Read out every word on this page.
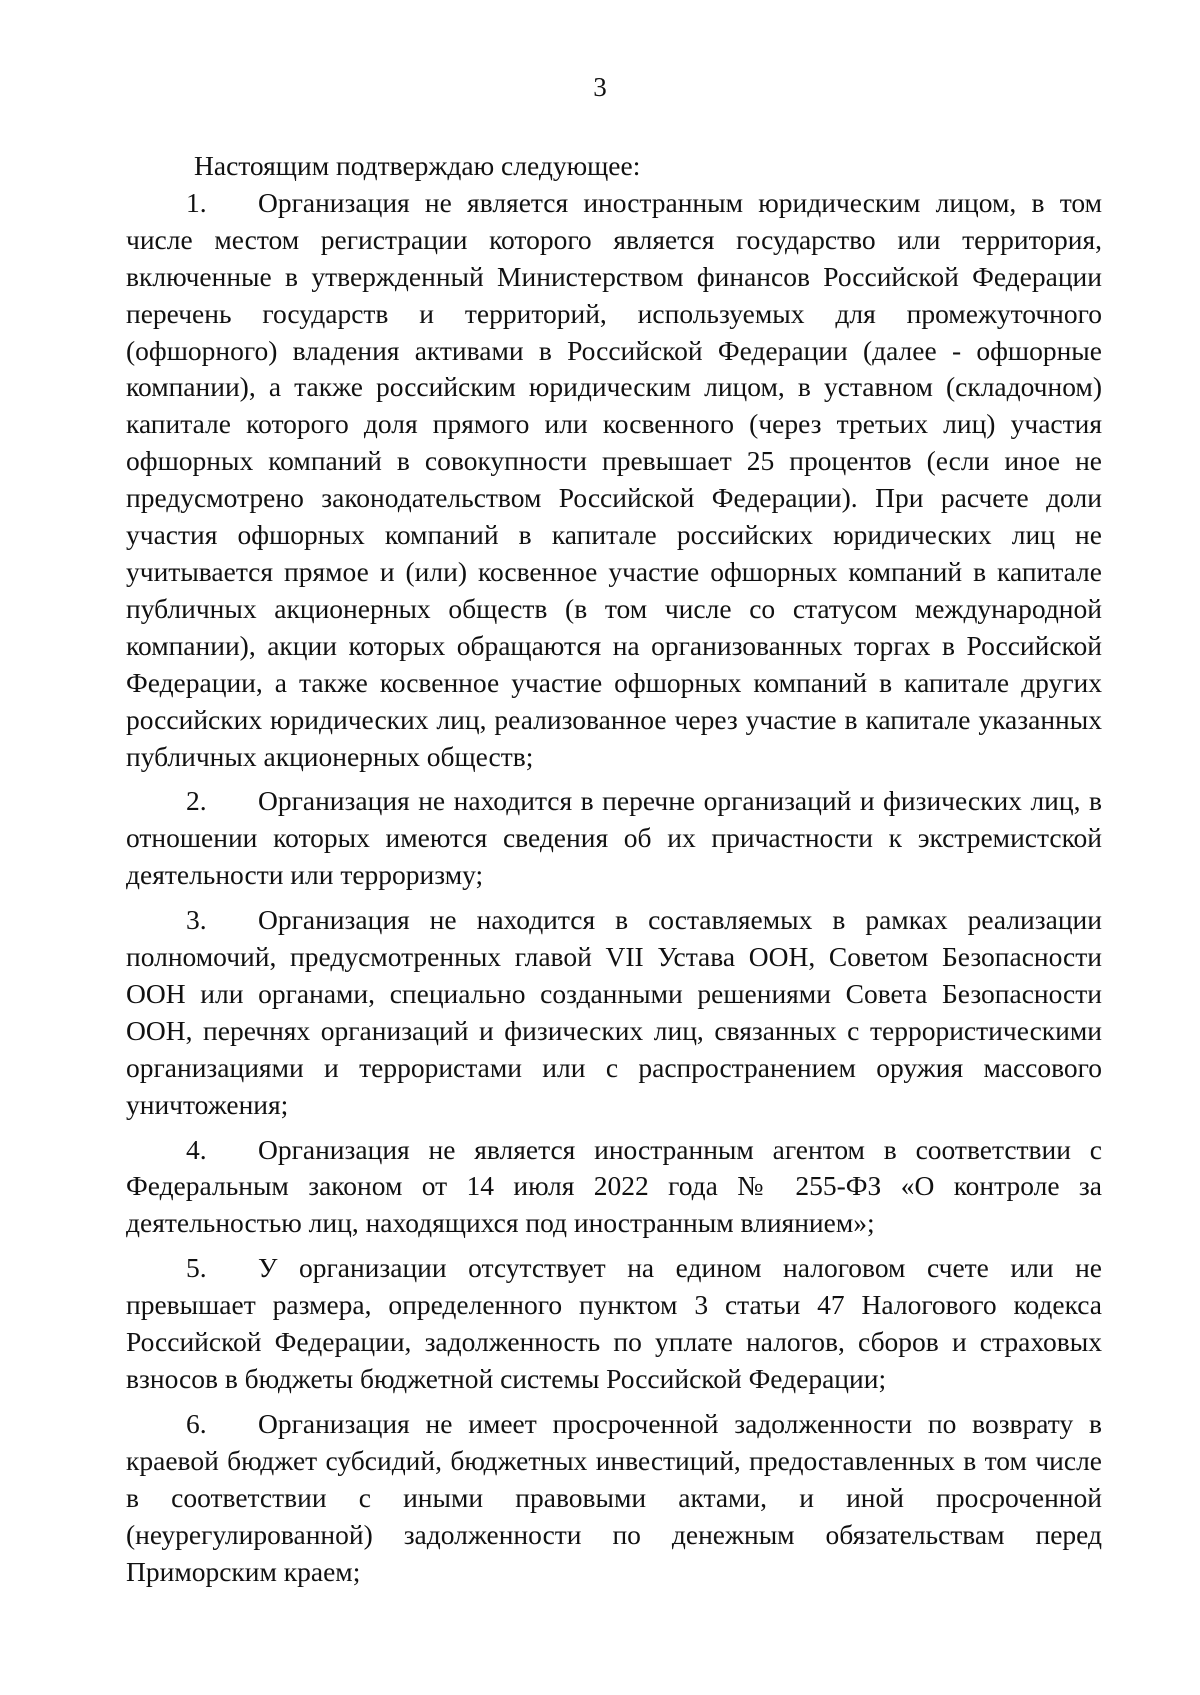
3

Настоящим подтверждаю следующее:

1. Организация не является иностранным юридическим лицом, в том числе местом регистрации которого является государство или территория, включенные в утвержденный Министерством финансов Российской Федерации перечень государств и территорий, используемых для промежуточного (офшорного) владения активами в Российской Федерации (далее - офшорные компании), а также российским юридическим лицом, в уставном (складочном) капитале которого доля прямого или косвенного (через третьих лиц) участия офшорных компаний в совокупности превышает 25 процентов (если иное не предусмотрено законодательством Российской Федерации). При расчете доли участия офшорных компаний в капитале российских юридических лиц не учитывается прямое и (или) косвенное участие офшорных компаний в капитале публичных акционерных обществ (в том числе со статусом международной компании), акции которых обращаются на организованных торгах в Российской Федерации, а также косвенное участие офшорных компаний в капитале других российских юридических лиц, реализованное через участие в капитале указанных публичных акционерных обществ;

2. Организация не находится в перечне организаций и физических лиц, в отношении которых имеются сведения об их причастности к экстремистской деятельности или терроризму;

3. Организация не находится в составляемых в рамках реализации полномочий, предусмотренных главой VII Устава ООН, Советом Безопасности ООН или органами, специально созданными решениями Совета Безопасности ООН, перечнях организаций и физических лиц, связанных с террористическими организациями и террористами или с распространением оружия массового уничтожения;

4. Организация не является иностранным агентом в соответствии с Федеральным законом от 14 июля 2022 года № 255-ФЗ «О контроле за деятельностью лиц, находящихся под иностранным влиянием»;

5. У организации отсутствует на едином налоговом счете или не превышает размера, определенного пунктом 3 статьи 47 Налогового кодекса Российской Федерации, задолженность по уплате налогов, сборов и страховых взносов в бюджеты бюджетной системы Российской Федерации;

6. Организация не имеет просроченной задолженности по возврату в краевой бюджет субсидий, бюджетных инвестиций, предоставленных в том числе в соответствии с иными правовыми актами, и иной просроченной (неурегулированной) задолженности по денежным обязательствам перед Приморским краем;
